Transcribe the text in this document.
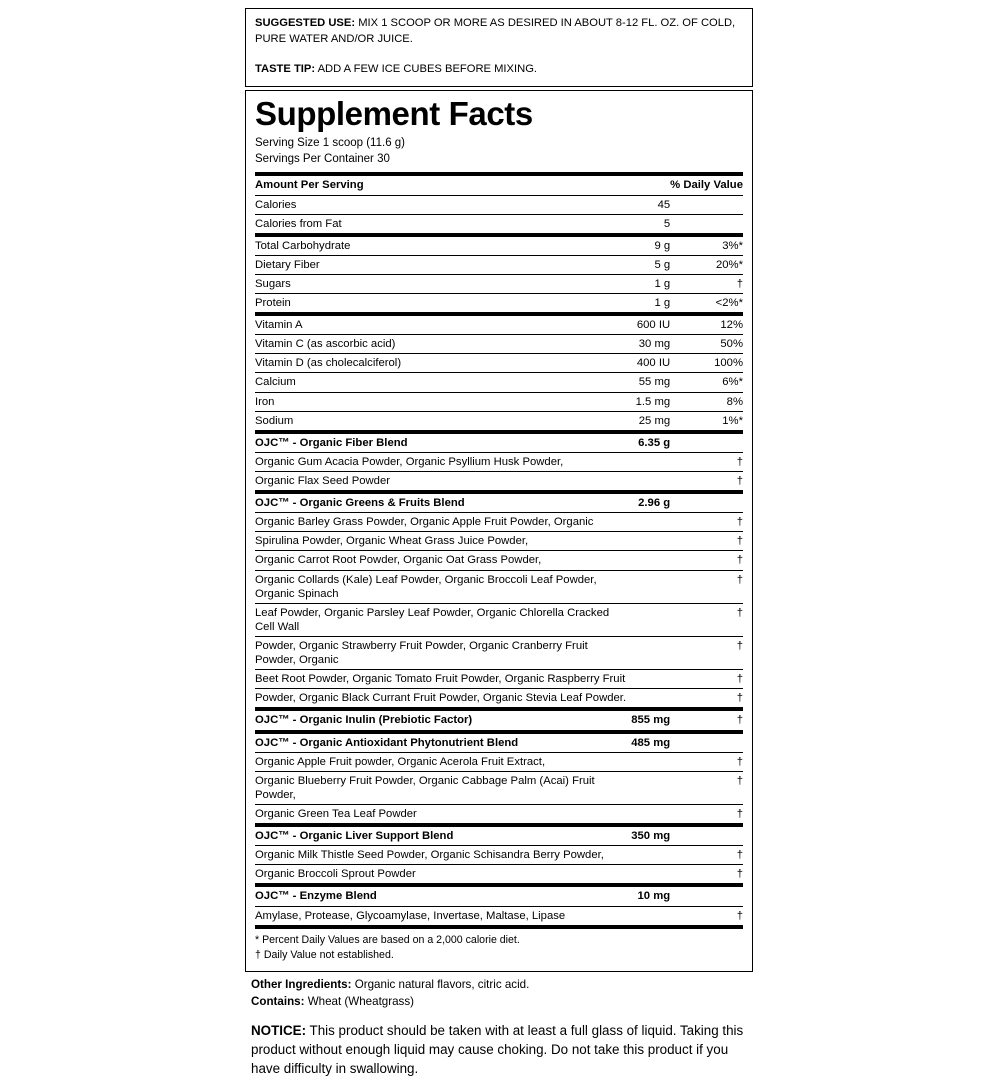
SUGGESTED USE: MIX 1 SCOOP OR MORE AS DESIRED IN ABOUT 8-12 FL. OZ. OF COLD, PURE WATER AND/OR JUICE.

TASTE TIP: ADD A FEW ICE CUBES BEFORE MIXING.

Supplement Facts
Serving Size 1 scoop (11.6 g)
Servings Per Container 30
Amount Per Serving		% Daily Value
Calories	45	
Calories from Fat	5	
Total Carbohydrate	9 g	3%*
Dietary Fiber	5 g	20%*
Sugars	1 g	†
Protein	1 g	<2%*
Vitamin A	600 IU	12%
Vitamin C (as ascorbic acid)	30 mg	50%
Vitamin D (as cholecalciferol)	400 IU	100%
Calcium	55 mg	6%*
Iron	1.5 mg	8%
Sodium	25 mg	1%*
OJC™ - Organic Fiber Blend	6.35 g	
Organic Gum Acacia Powder, Organic Psyllium Husk Powder,		†
Organic Flax Seed Powder		†
OJC™ - Organic Greens & Fruits Blend	2.96 g	
Organic Barley Grass Powder, Organic Apple Fruit Powder, Organic		†
Spirulina Powder, Organic Wheat Grass Juice Powder,		†
Organic Carrot Root Powder, Organic Oat Grass Powder,		†
Organic Collards (Kale) Leaf Powder, Organic Broccoli Leaf Powder, Organic Spinach		†
Leaf Powder, Organic Parsley Leaf Powder, Organic Chlorella Cracked Cell Wall		†
Powder, Organic Strawberry Fruit Powder, Organic Cranberry Fruit Powder, Organic		†
Beet Root Powder, Organic Tomato Fruit Powder, Organic Raspberry Fruit		†
Powder, Organic Black Currant Fruit Powder, Organic Stevia Leaf Powder.		†
OJC™ - Organic Inulin (Prebiotic Factor)	855 mg	†
OJC™ - Organic Antioxidant Phytonutrient Blend	485 mg	
Organic Apple Fruit powder, Organic Acerola Fruit Extract,		†
Organic Blueberry Fruit Powder, Organic Cabbage Palm (Acai) Fruit Powder,		†
Organic Green Tea Leaf Powder		†
OJC™ - Organic Liver Support Blend	350 mg	
Organic Milk Thistle Seed Powder, Organic Schisandra Berry Powder,		†
Organic Broccoli Sprout Powder		†
OJC™ - Enzyme Blend	10 mg	
Amylase, Protease, Glycoamylase, Invertase, Maltase, Lipase		†
* Percent Daily Values are based on a 2,000 calorie diet.
† Daily Value not established.
Other Ingredients: Organic natural flavors, citric acid.
Contains: Wheat (Wheatgrass)
NOTICE: This product should be taken with at least a full glass of liquid. Taking this product without enough liquid may cause choking. Do not take this product if you have difficulty in swallowing.
